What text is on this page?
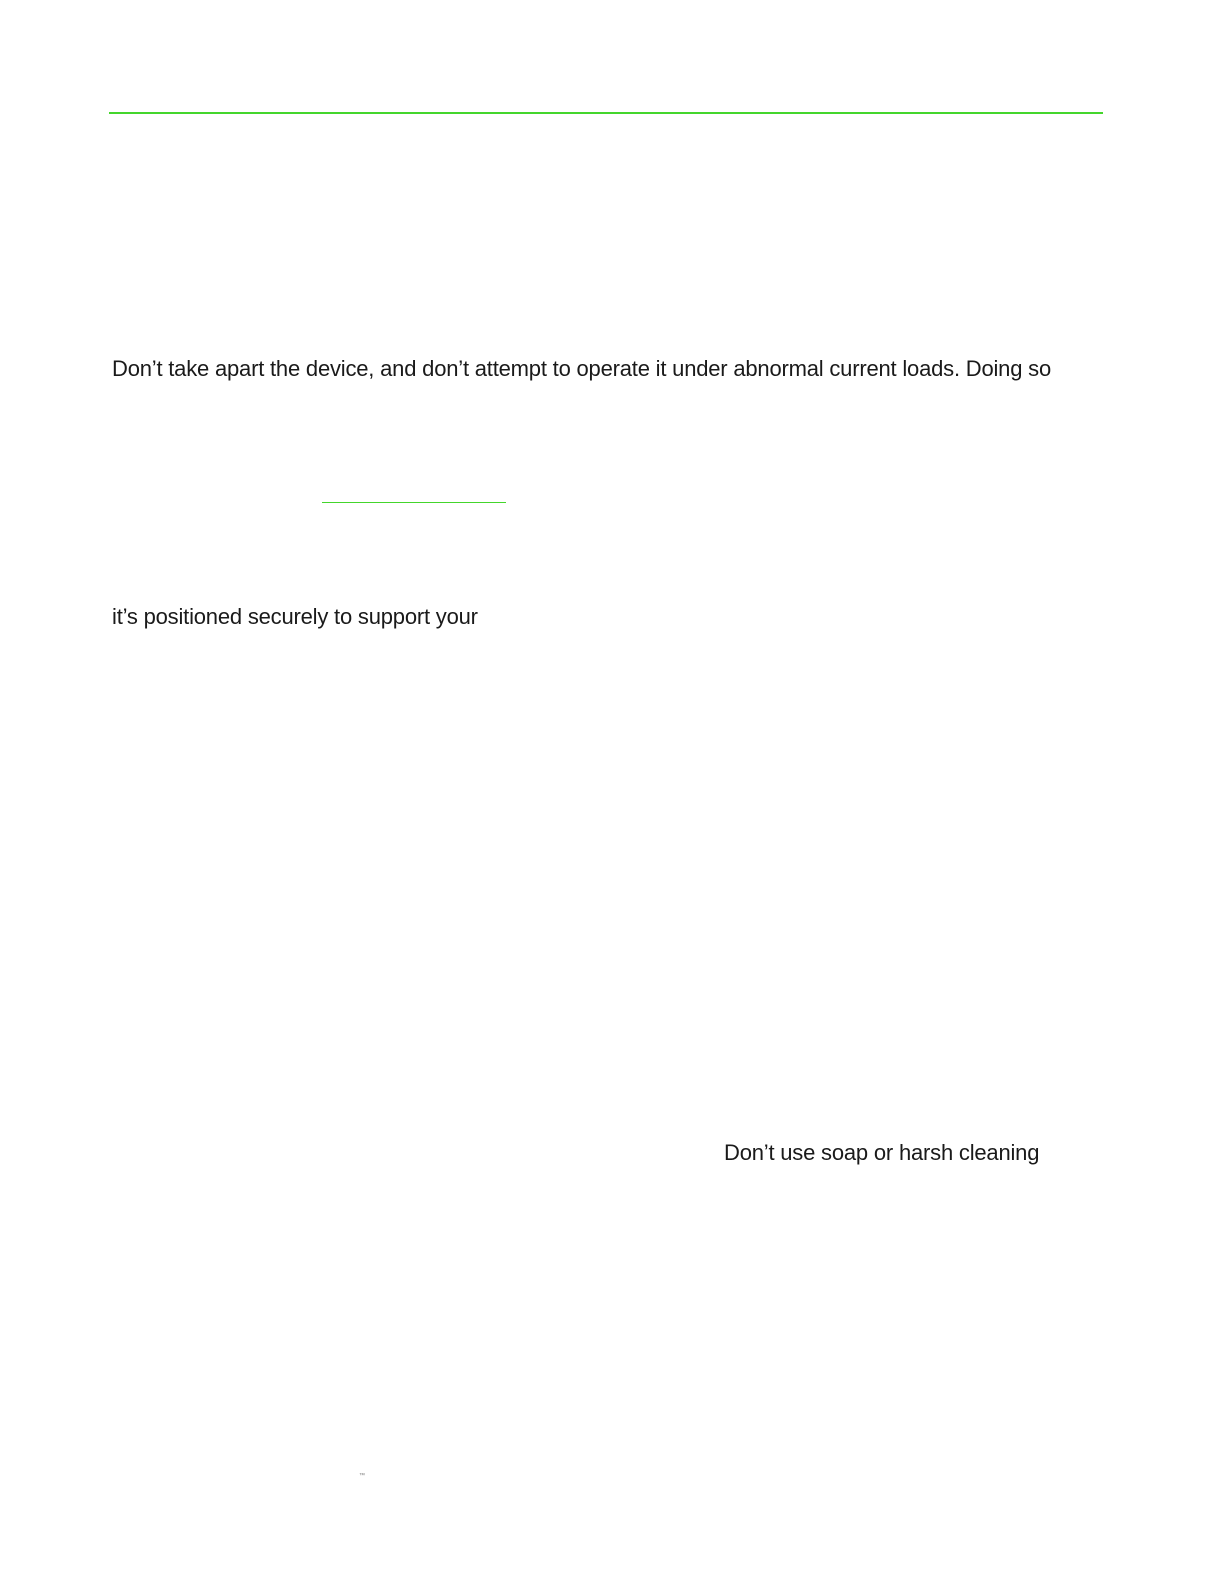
Don’t take apart the device, and don’t attempt to operate it under abnormal current loads. Doing so
it’s positioned securely to support your
Don’t use soap or harsh cleaning
™
